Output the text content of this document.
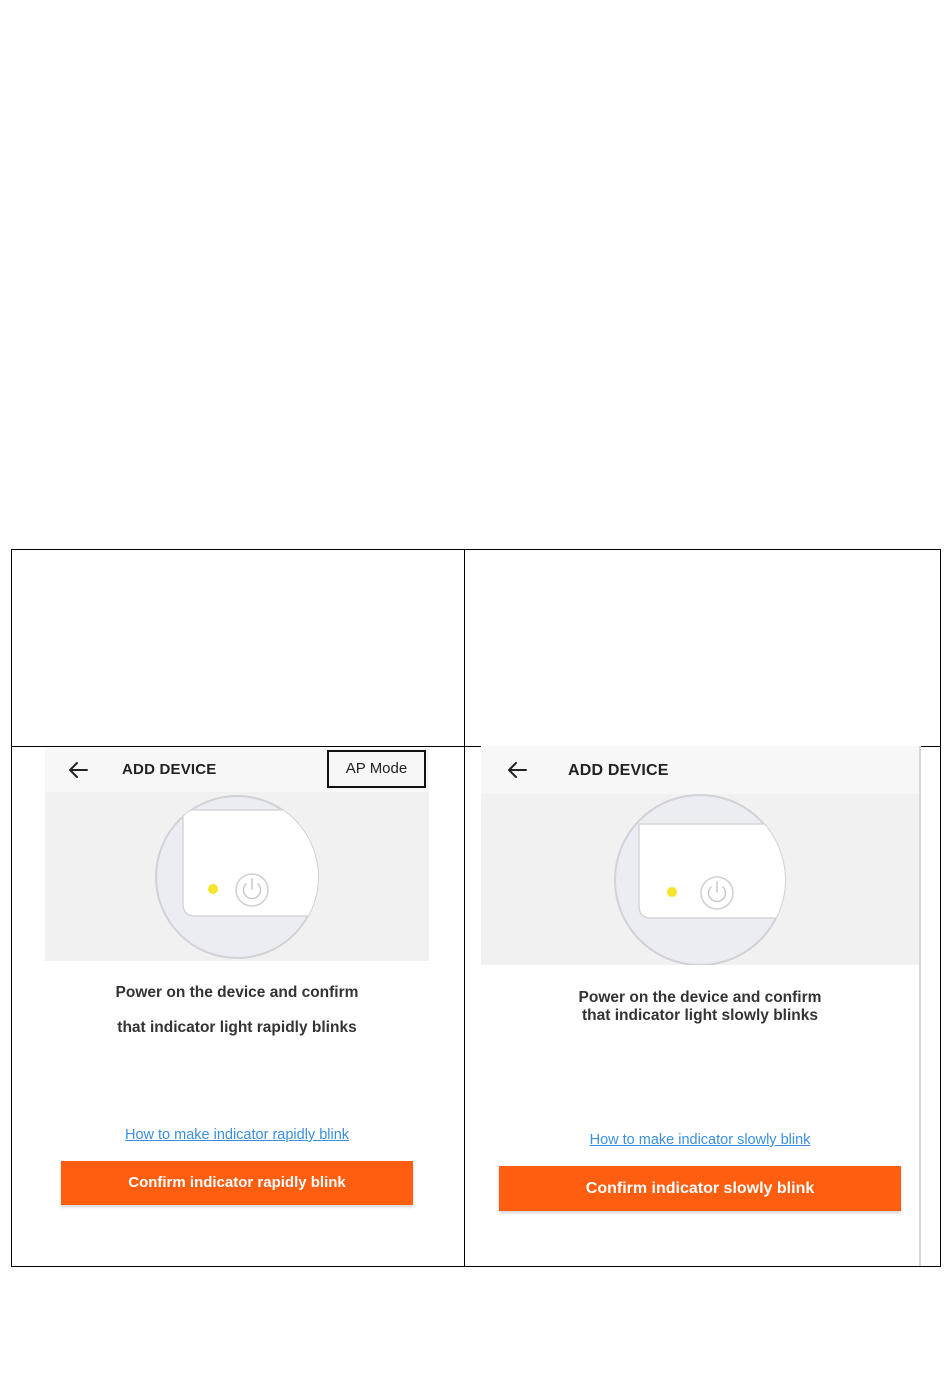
ADD DEVICE	AP Mode
Power on the device and confirm
that indicator light rapidly blinks
How to make indicator rapidly blink
Confirm indicator rapidly blink
ADD DEVICE
Power on the device and confirm
that indicator light slowly blinks
How to make indicator slowly blink
Confirm indicator slowly blink
